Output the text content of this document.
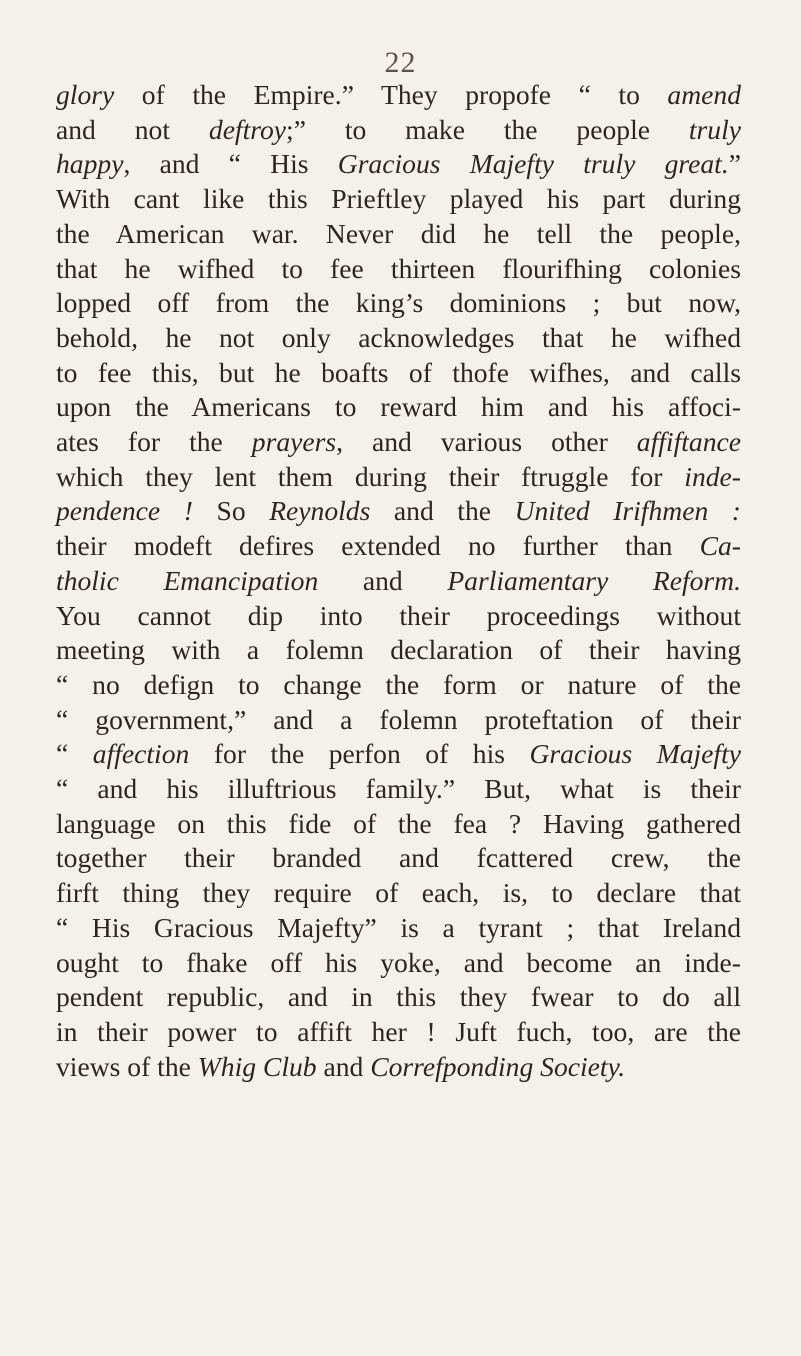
22
glory of the Empire.” They propofe “ to amend
and not deftroy;” to make the people truly
happy, and “ His Gracious Majefty truly great.”
With cant like this Prieftley played his part during
the American war. Never did he tell the people,
that he wifhed to fee thirteen flourifhing colonies
lopped off from the king’s dominions ; but now,
behold, he not only acknowledges that he wifhed
to fee this, but he boafts of thofe wifhes, and calls
upon the Americans to reward him and his affoci-
ates for the prayers, and various other affiftance
which they lent them during their ftruggle for inde-
pendence ! So Reynolds and the United Irifhmen :
their modeft defires extended no further than Ca-
tholic Emancipation and Parliamentary Reform.
You cannot dip into their proceedings without
meeting with a folemn declaration of their having
“ no defign to change the form or nature of the
“ government,” and a folemn proteftation of their
“ affection for the perfon of his Gracious Majefty
“ and his illuftrious family.” But, what is their
language on this fide of the fea ? Having gathered
together their branded and fcattered crew, the
firft thing they require of each, is, to declare that
“ His Gracious Majefty” is a tyrant ; that Ireland
ought to fhake off his yoke, and become an inde-
pendent republic, and in this they fwear to do all
in their power to affift her ! Juft fuch, too, are the
views of the Whig Club and Correfponding Society.
